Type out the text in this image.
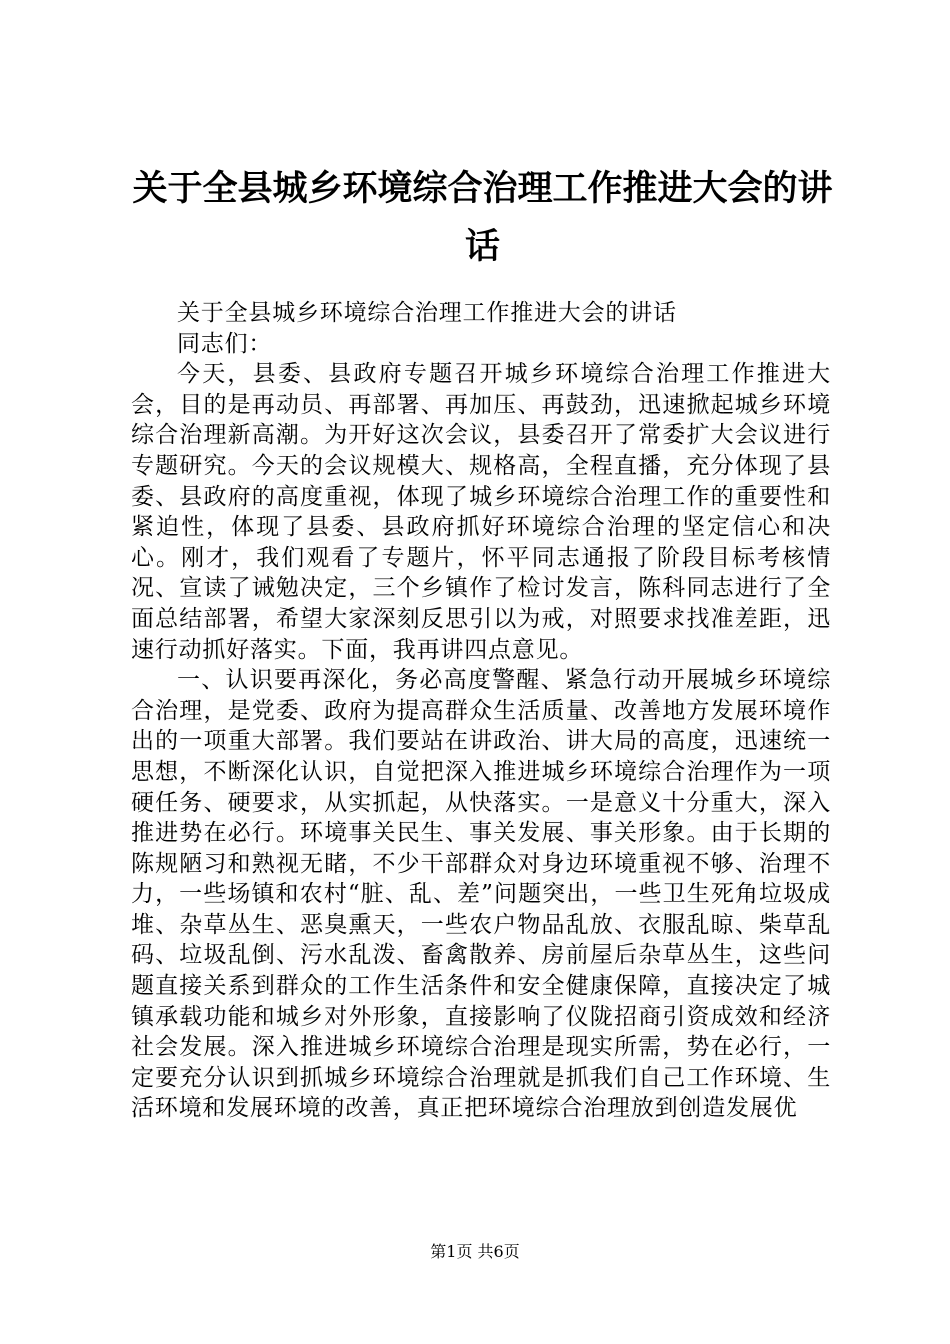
关于全县城乡环境综合治理工作推进大会的讲话

关于全县城乡环境综合治理工作推进大会的讲话

同志们：

今天，县委、县政府专题召开城乡环境综合治理工作推进大会，目的是再动员、再部署、再加压、再鼓劲，迅速掀起城乡环境综合治理新高潮。为开好这次会议，县委召开了常委扩大会议进行专题研究。今天的会议规模大、规格高，全程直播，充分体现了县委、县政府的高度重视，体现了城乡环境综合治理工作的重要性和紧迫性，体现了县委、县政府抓好环境综合治理的坚定信心和决心。刚才，我们观看了专题片，怀平同志通报了阶段目标考核情况、宣读了诫勉决定，三个乡镇作了检讨发言，陈科同志进行了全面总结部署，希望大家深刻反思引以为戒，对照要求找准差距，迅速行动抓好落实。下面，我再讲四点意见。

一、认识要再深化，务必高度警醒、紧急行动开展城乡环境综合治理，是党委、政府为提高群众生活质量、改善地方发展环境作出的一项重大部署。我们要站在讲政治、讲大局的高度，迅速统一思想，不断深化认识，自觉把深入推进城乡环境综合治理作为一项硬任务、硬要求，从实抓起，从快落实。一是意义十分重大，深入推进势在必行。环境事关民生、事关发展、事关形象。由于长期的陈规陋习和熟视无睹，不少干部群众对身边环境重视不够、治理不力，一些场镇和农村“脏、乱、差”问题突出，一些卫生死角垃圾成堆、杂草丛生、恶臭熏天，一些农户物品乱放、衣服乱晾、柴草乱码、垃圾乱倒、污水乱泼、畜禽散养、房前屋后杂草丛生，这些问题直接关系到群众的工作生活条件和安全健康保障，直接决定了城镇承载功能和城乡对外形象，直接影响了仪陇招商引资成效和经济社会发展。深入推进城乡环境综合治理是现实所需，势在必行，一定要充分认识到抓城乡环境综合治理就是抓我们自己工作环境、生活环境和发展环境的改善，真正把环境综合治理放到创造发展优

第1页 共6页
